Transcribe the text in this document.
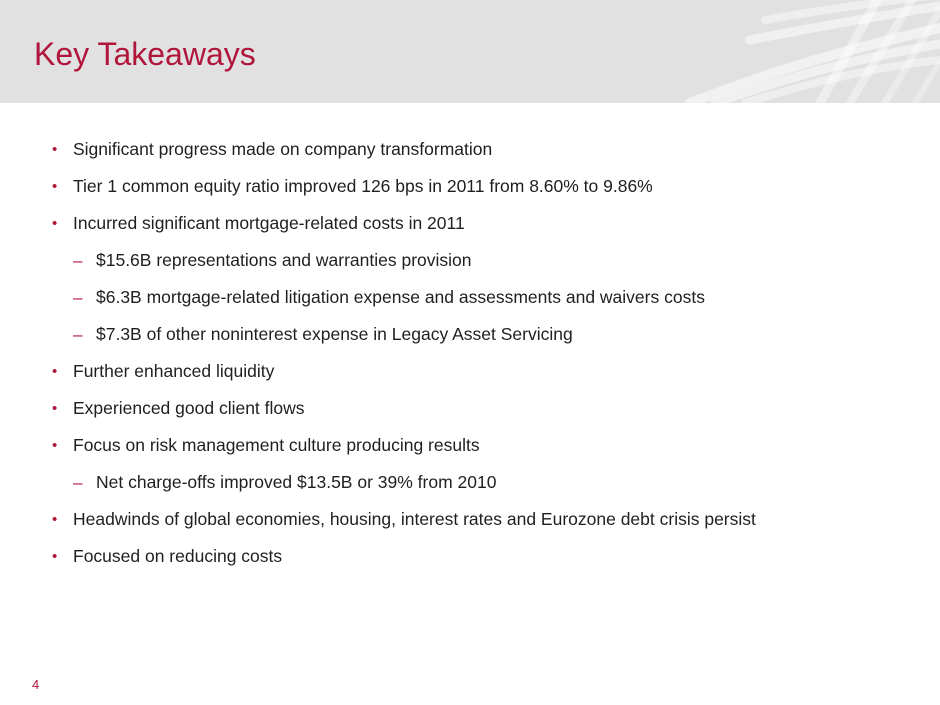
Key Takeaways
• Significant progress made on company transformation
• Tier 1 common equity ratio improved 126 bps in 2011 from 8.60% to 9.86%
• Incurred significant mortgage-related costs in 2011
– $15.6B representations and warranties provision
– $6.3B mortgage-related litigation expense and assessments and waivers costs
– $7.3B of other noninterest expense in Legacy Asset Servicing
• Further enhanced liquidity
• Experienced good client flows
• Focus on risk management culture producing results
– Net charge-offs improved $13.5B or 39% from 2010
• Headwinds of global economies, housing, interest rates and Eurozone debt crisis persist
• Focused on reducing costs
4
